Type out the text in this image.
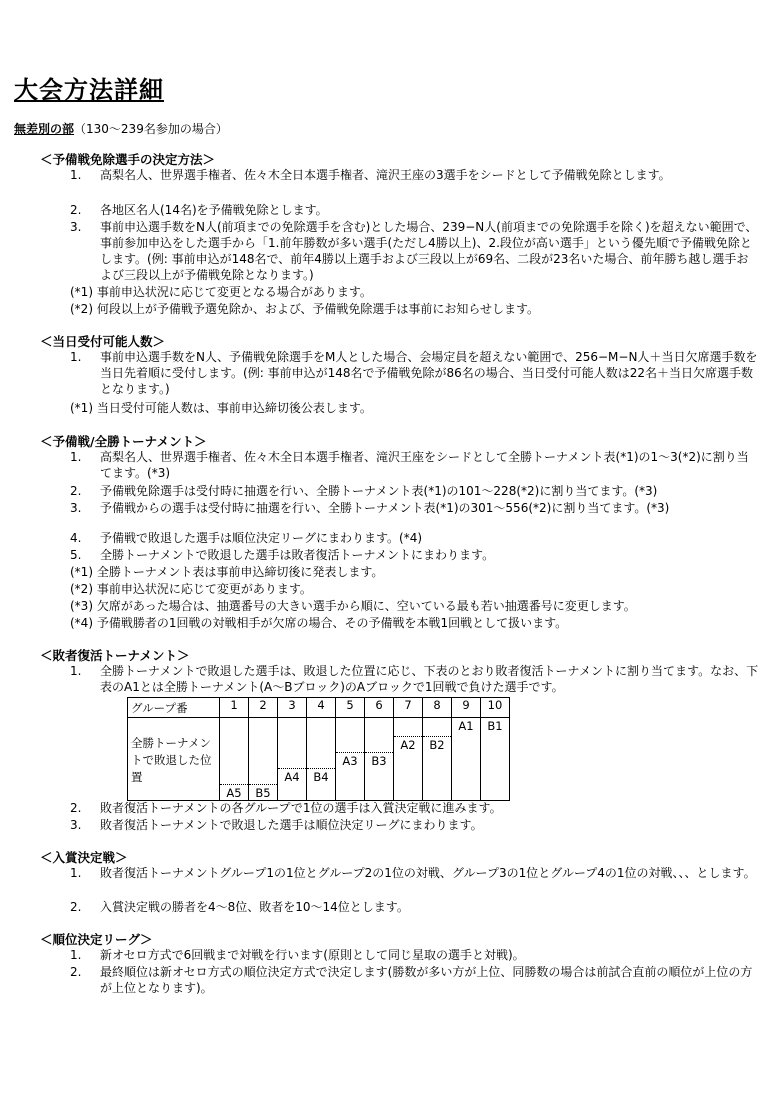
大会方法詳細
無差別の部（130〜239名参加の場合）
＜予備戦免除選手の決定方法＞
1.	高梨名人、世界選手権者、佐々木全日本選手権者、滝沢王座の3選手をシードとして予備戦免除とします。
2.	各地区名人(14名)を予備戦免除とします。
3.	事前申込選手数をN人(前項までの免除選手を含む)とした場合、239−N人(前項までの免除選手を除く)を超えない範囲で、事前参加申込をした選手から「1.前年勝数が多い選手(ただし4勝以上)、2.段位が高い選手」という優先順で予備戦免除とします。(例: 事前申込が148名で、前年4勝以上選手および三段以上が69名、二段が23名いた場合、前年勝ち越し選手および三段以上が予備戦免除となります。)
(*1) 事前申込状況に応じて変更となる場合があります。
(*2) 何段以上が予備戦予選免除か、および、予備戦免除選手は事前にお知らせします。
＜当日受付可能人数＞
1.	事前申込選手数をN人、予備戦免除選手をM人とした場合、会場定員を超えない範囲で、256−M−N人＋当日欠席選手数を当日先着順に受付します。(例: 事前申込が148名で予備戦免除が86名の場合、当日受付可能人数は22名＋当日欠席選手数となります。)
(*1) 当日受付可能人数は、事前申込締切後公表します。
＜予備戦/全勝トーナメント＞
1.	高梨名人、世界選手権者、佐々木全日本選手権者、滝沢王座をシードとして全勝トーナメント表(*1)の1〜3(*2)に割り当てます。(*3)
2.	予備戦免除選手は受付時に抽選を行い、全勝トーナメント表(*1)の101〜228(*2)に割り当てます。(*3)
3.	予備戦からの選手は受付時に抽選を行い、全勝トーナメント表(*1)の301〜556(*2)に割り当てます。(*3)
4.	予備戦で敗退した選手は順位決定リーグにまわります。(*4)
5.	全勝トーナメントで敗退した選手は敗者復活トーナメントにまわります。
(*1) 全勝トーナメント表は事前申込締切後に発表します。
(*2) 事前申込状況に応じて変更があります。
(*3) 欠席があった場合は、抽選番号の大きい選手から順に、空いている最も若い抽選番号に変更します。
(*4) 予備戦勝者の1回戦の対戦相手が欠席の場合、その予備戦を本戦1回戦として扱います。
＜敗者復活トーナメント＞
1.	全勝トーナメントで敗退した選手は、敗退した位置に応じ、下表のとおり敗者復活トーナメントに割り当てます。なお、下表のA1とは全勝トーナメント(A〜Bブロック)のAブロックで1回戦で負けた選手です。
グループ番	1	2	3	4	5	6	7	8	9	10
全勝トーナメントで敗退した位置	A5	B5	A4	B4	A3	B3	A2	B2	A1	B1
2.	敗者復活トーナメントの各グループで1位の選手は入賞決定戦に進みます。
3.	敗者復活トーナメントで敗退した選手は順位決定リーグにまわります。
＜入賞決定戦＞
1.	敗者復活トーナメントグループ1の1位とグループ2の1位の対戦、グループ3の1位とグループ4の1位の対戦、、、とします。
2.	入賞決定戦の勝者を4〜8位、敗者を10〜14位とします。
＜順位決定リーグ＞
1.	新オセロ方式で6回戦まで対戦を行います(原則として同じ星取の選手と対戦)。
2.	最終順位は新オセロ方式の順位決定方式で決定します(勝数が多い方が上位、同勝数の場合は前試合直前の順位が上位の方が上位となります)。
